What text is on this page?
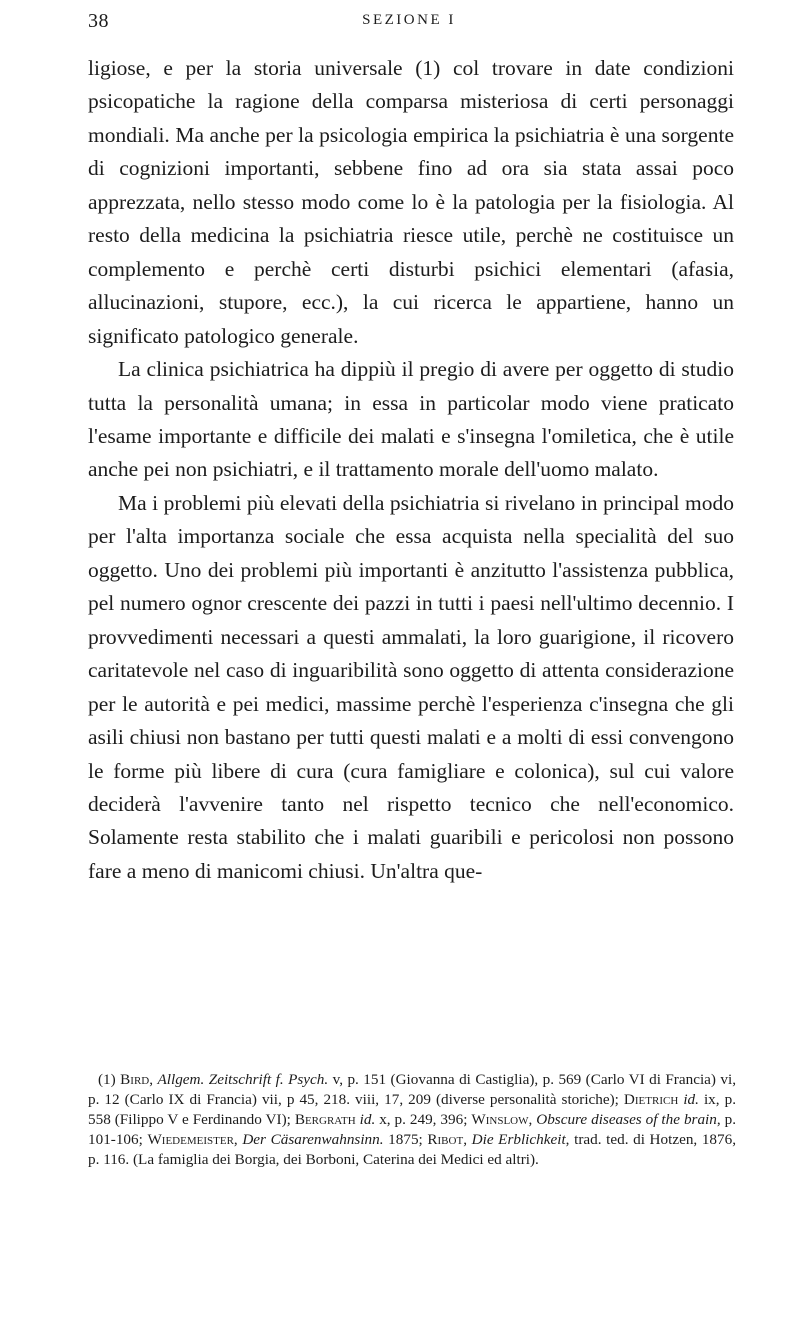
38	SEZIONE I

ligiose, e per la storia universale (1) col trovare in date condizioni psicopatiche la ragione della comparsa misteriosa di certi personaggi mondiali. Ma anche per la psicologia empirica la psichiatria è una sorgente di cognizioni importanti, sebbene fino ad ora sia stata assai poco apprezzata, nello stesso modo come lo è la patologia per la fisiologia. Al resto della medicina la psichiatria riesce utile, perchè ne costituisce un complemento e perchè certi disturbi psichici elementari (afasia, allucinazioni, stupore, ecc.), la cui ricerca le appartiene, hanno un significato patologico generale.

La clinica psichiatrica ha dippiù il pregio di avere per oggetto di studio tutta la personalità umana; in essa in particolar modo viene praticato l'esame importante e difficile dei malati e s'insegna l'omiletica, che è utile anche pei non psichiatri, e il trattamento morale dell'uomo malato.

Ma i problemi più elevati della psichiatria si rivelano in principal modo per l'alta importanza sociale che essa acquista nella specialità del suo oggetto. Uno dei problemi più importanti è anzitutto l'assistenza pubblica, pel numero ognor crescente dei pazzi in tutti i paesi nell'ultimo decennio. I provvedimenti necessari a questi ammalati, la loro guarigione, il ricovero caritatevole nel caso di inguaribilità sono oggetto di attenta considerazione per le autorità e pei medici, massime perchè l'esperienza c'insegna che gli asili chiusi non bastano per tutti questi malati e a molti di essi convengono le forme più libere di cura (cura famigliare e colonica), sul cui valore deciderà l'avvenire tanto nel rispetto tecnico che nell'economico. Solamente resta stabilito che i malati guaribili e pericolosi non possono fare a meno di manicomi chiusi. Un'altra que-

(1) Bird, Allgem. Zeitschrift f. Psych. v, p. 151 (Giovanna di Castiglia), p. 569 (Carlo VI di Francia) vi, p. 12 (Carlo IX di Francia) vii, p 45, 218. viii, 17, 209 (diverse personalità storiche); Dietrich id. ix, p. 558 (Filippo V e Ferdinando VI); Bergrath id. x, p. 249, 396; Winslow, Obscure diseases of the brain, p. 101-106; Wiedemeister, Der Cäsarenwahnsinn. 1875; Ribot, Die Erblichkeit, trad. ted. di Hotzen, 1876, p. 116. (La famiglia dei Borgia, dei Borboni, Caterina dei Medici ed altri).
